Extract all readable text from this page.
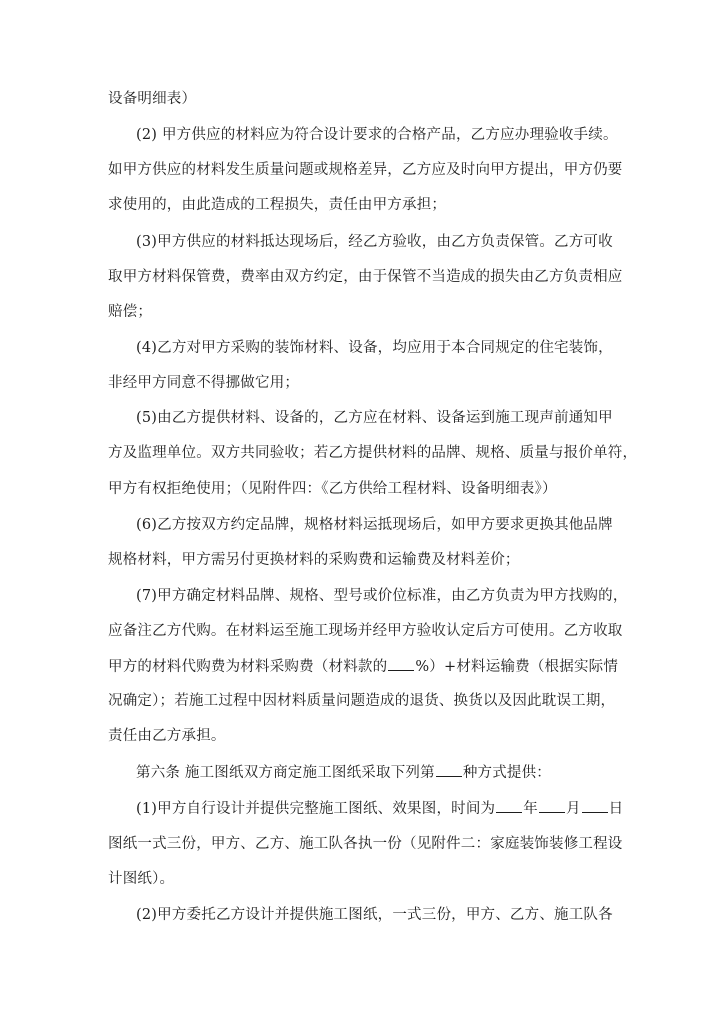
设备明细表）
(2) 甲方供应的材料应为符合设计要求的合格产品，乙方应办理验收手续。
如甲方供应的材料发生质量问题或规格差异，乙方应及时向甲方提出，甲方仍要
求使用的，由此造成的工程损失，责任由甲方承担；
(3)甲方供应的材料抵达现场后，经乙方验收，由乙方负责保管。乙方可收
取甲方材料保管费，费率由双方约定，由于保管不当造成的损失由乙方负责相应
赔偿；
(4)乙方对甲方采购的装饰材料、设备，均应用于本合同规定的住宅装饰，
非经甲方同意不得挪做它用；
(5)由乙方提供材料、设备的，乙方应在材料、设备运到施工现声前通知甲
方及监理单位。双方共同验收；若乙方提供材料的品牌、规格、质量与报价单符，
甲方有权拒绝使用；（见附件四：《乙方供给工程材料、设备明细表》）
(6)乙方按双方约定品牌，规格材料运抵现场后，如甲方要求更换其他品牌
规格材料，甲方需另付更换材料的采购费和运输费及材料差价；
(7)甲方确定材料品牌、规格、型号或价位标准，由乙方负责为甲方找购的，
应备注乙方代购。在材料运至施工现场并经甲方验收认定后方可使用。乙方收取
甲方的材料代购费为材料采购费（材料款的 %）+材料运输费（根据实际情
况确定）；若施工过程中因材料质量问题造成的退货、换货以及因此耽误工期，
责任由乙方承担。
第六条 施工图纸双方商定施工图纸采取下列第 种方式提供：
(1)甲方自行设计并提供完整施工图纸、效果图，时间为 年 月 日
图纸一式三份，甲方、乙方、施工队各执一份（见附件二：家庭装饰装修工程设
计图纸）。
(2)甲方委托乙方设计并提供施工图纸，一式三份，甲方、乙方、施工队各
